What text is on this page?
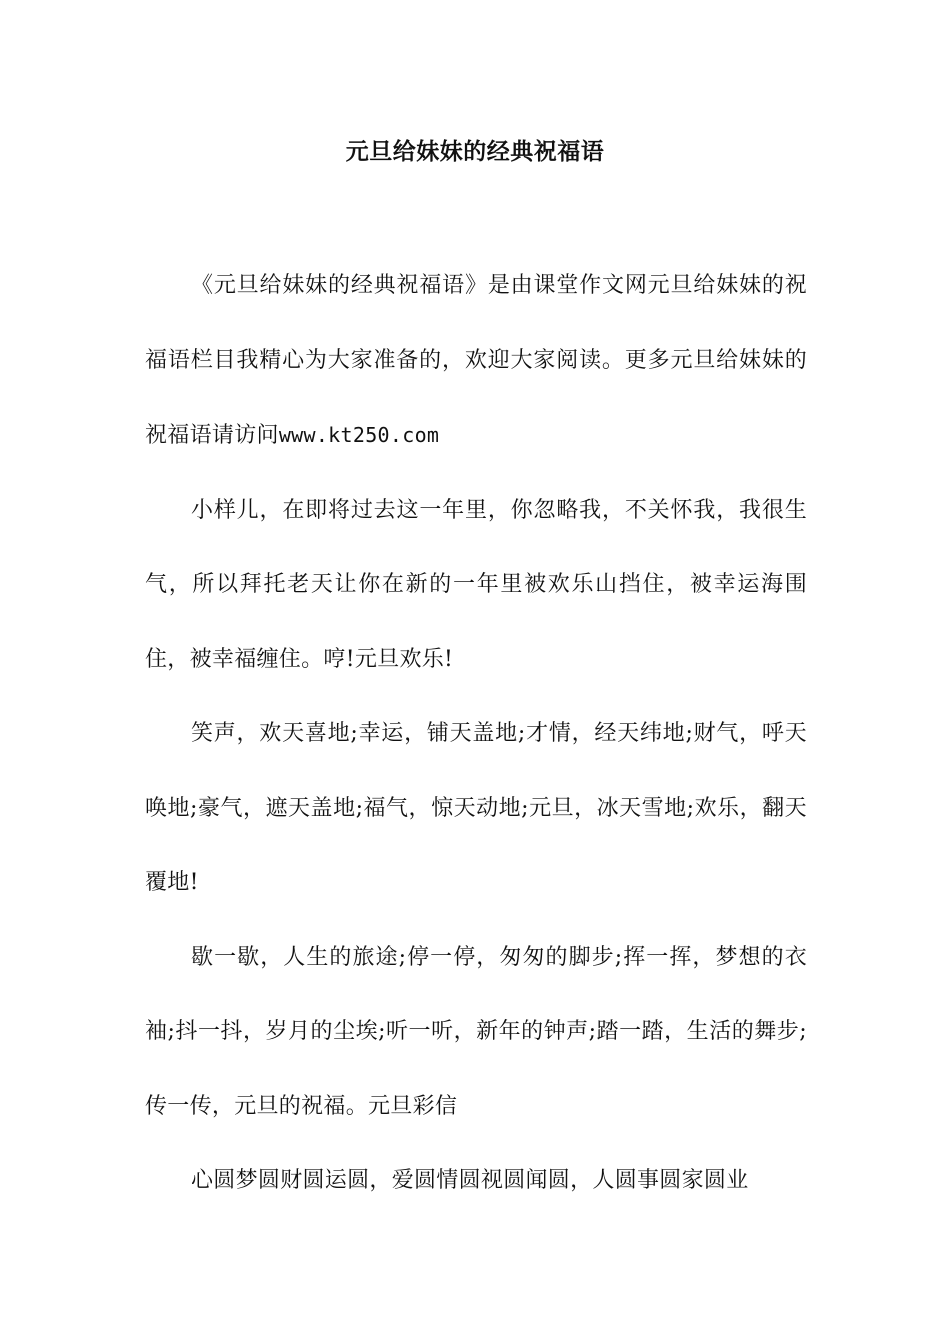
元旦给妹妹的经典祝福语

《元旦给妹妹的经典祝福语》是由课堂作文网元旦给妹妹的祝福语栏目我精心为大家准备的，欢迎大家阅读。更多元旦给妹妹的祝福语请访问www.kt250.com

小样儿，在即将过去这一年里，你忽略我，不关怀我，我很生气，所以拜托老天让你在新的一年里被欢乐山挡住，被幸运海围住，被幸福缠住。哼!元旦欢乐!

笑声，欢天喜地;幸运，铺天盖地;才情，经天纬地;财气，呼天唤地;豪气，遮天盖地;福气，惊天动地;元旦，冰天雪地;欢乐，翻天覆地!

歇一歇，人生的旅途;停一停，匆匆的脚步;挥一挥，梦想的衣袖;抖一抖，岁月的尘埃;听一听，新年的钟声;踏一踏，生活的舞步;传一传，元旦的祝福。元旦彩信

心圆梦圆财圆运圆，爱圆情圆视圆闻圆，人圆事圆家圆业
